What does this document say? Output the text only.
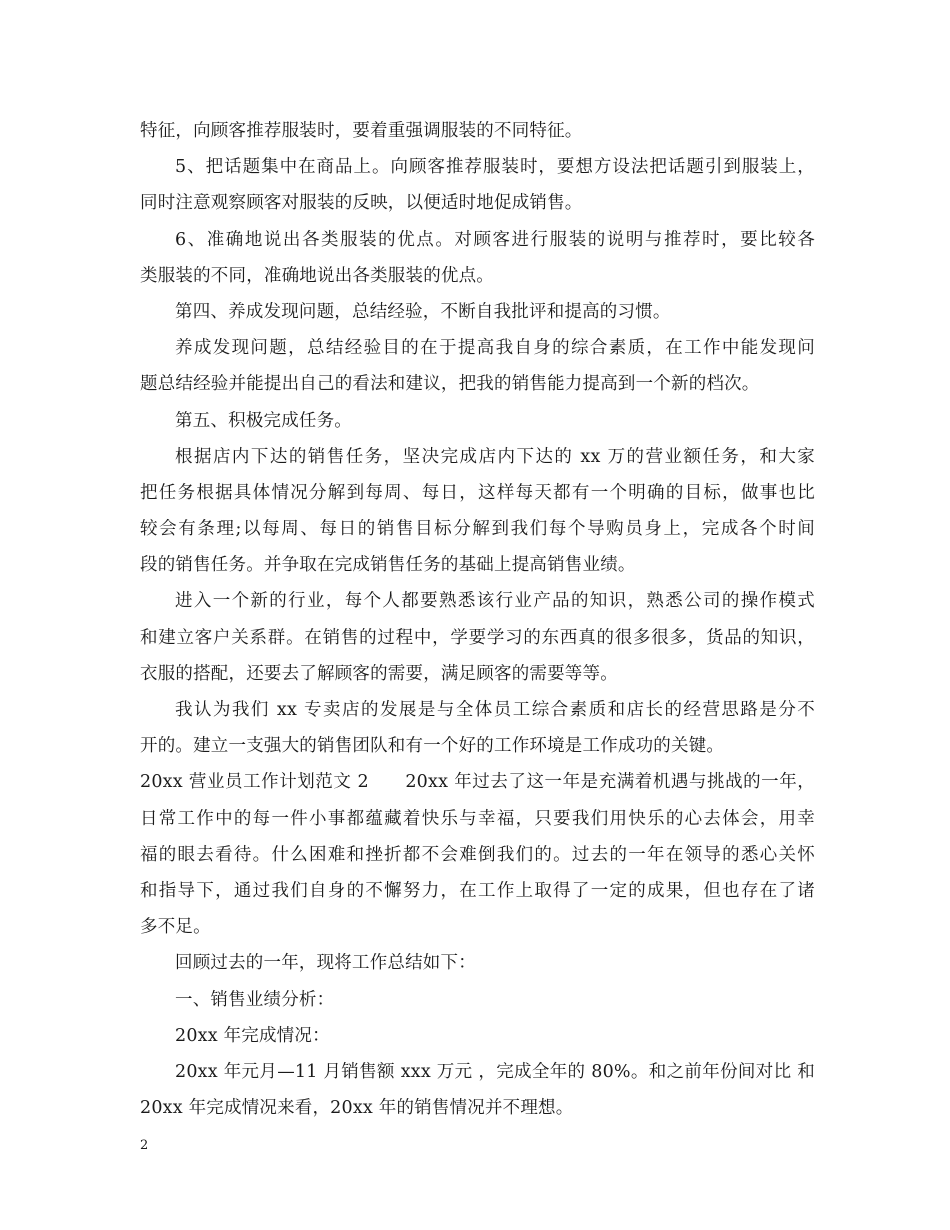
特征，向顾客推荐服装时，要着重强调服装的不同特征。
5、把话题集中在商品上。向顾客推荐服装时，要想方设法把话题引到服装上，
同时注意观察顾客对服装的反映，以便适时地促成销售。
6、准确地说出各类服装的优点。对顾客进行服装的说明与推荐时，要比较各
类服装的不同，准确地说出各类服装的优点。
第四、养成发现问题，总结经验，不断自我批评和提高的习惯。
养成发现问题，总结经验目的在于提高我自身的综合素质，在工作中能发现问
题总结经验并能提出自己的看法和建议，把我的销售能力提高到一个新的档次。
第五、积极完成任务。
根据店内下达的销售任务，坚决完成店内下达的 xx 万的营业额任务，和大家
把任务根据具体情况分解到每周、每日，这样每天都有一个明确的目标，做事也比
较会有条理;以每周、每日的销售目标分解到我们每个导购员身上，完成各个时间
段的销售任务。并争取在完成销售任务的基础上提高销售业绩。
进入一个新的行业，每个人都要熟悉该行业产品的知识，熟悉公司的操作模式
和建立客户关系群。在销售的过程中，学要学习的东西真的很多很多，货品的知识，
衣服的搭配，还要去了解顾客的需要，满足顾客的需要等等。
我认为我们 xx 专卖店的发展是与全体员工综合素质和店长的经营思路是分不
开的。建立一支强大的销售团队和有一个好的工作环境是工作成功的关键。
20xx 营业员工作计划范文 2　　20xx 年过去了这一年是充满着机遇与挑战的一年，
日常工作中的每一件小事都蕴藏着快乐与幸福，只要我们用快乐的心去体会，用幸
福的眼去看待。什么困难和挫折都不会难倒我们的。过去的一年在领导的悉心关怀
和指导下，通过我们自身的不懈努力，在工作上取得了一定的成果，但也存在了诸
多不足。
回顾过去的一年，现将工作总结如下：
一、销售业绩分析：
20xx 年完成情况：
20xx 年元月—11 月销售额 xxx 万元 ，完成全年的 80%。和之前年份间对比 和
20xx 年完成情况来看，20xx 年的销售情况并不理想。
2
